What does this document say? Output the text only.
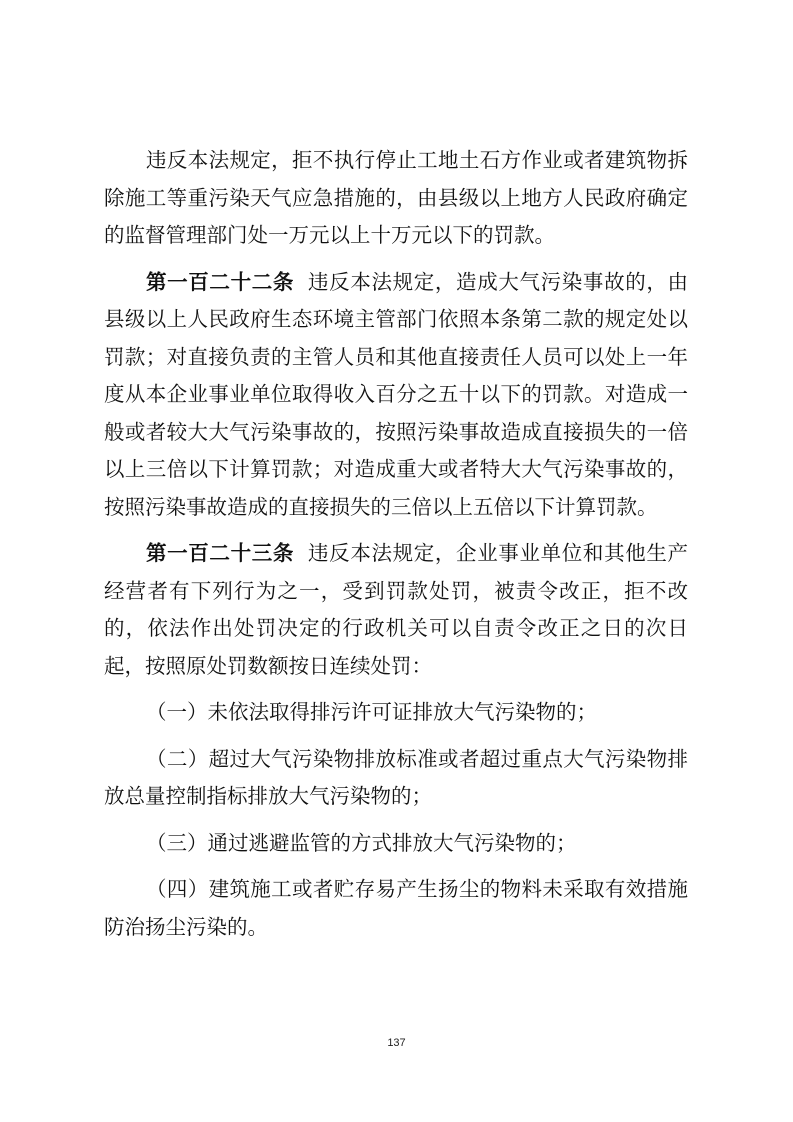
违反本法规定，拒不执行停止工地土石方作业或者建筑物拆除施工等重污染天气应急措施的，由县级以上地方人民政府确定的监督管理部门处一万元以上十万元以下的罚款。

第一百二十二条 违反本法规定，造成大气污染事故的，由县级以上人民政府生态环境主管部门依照本条第二款的规定处以罚款；对直接负责的主管人员和其他直接责任人员可以处上一年度从本企业事业单位取得收入百分之五十以下的罚款。对造成一般或者较大大气污染事故的，按照污染事故造成直接损失的一倍以上三倍以下计算罚款；对造成重大或者特大大气污染事故的，按照污染事故造成的直接损失的三倍以上五倍以下计算罚款。

第一百二十三条 违反本法规定，企业事业单位和其他生产经营者有下列行为之一，受到罚款处罚，被责令改正，拒不改的，依法作出处罚决定的行政机关可以自责令改正之日的次日起，按照原处罚数额按日连续处罚：

（一）未依法取得排污许可证排放大气污染物的；

（二）超过大气污染物排放标准或者超过重点大气污染物排放总量控制指标排放大气污染物的；

（三）通过逃避监管的方式排放大气污染物的；

（四）建筑施工或者贮存易产生扬尘的物料未采取有效措施防治扬尘污染的。

137
